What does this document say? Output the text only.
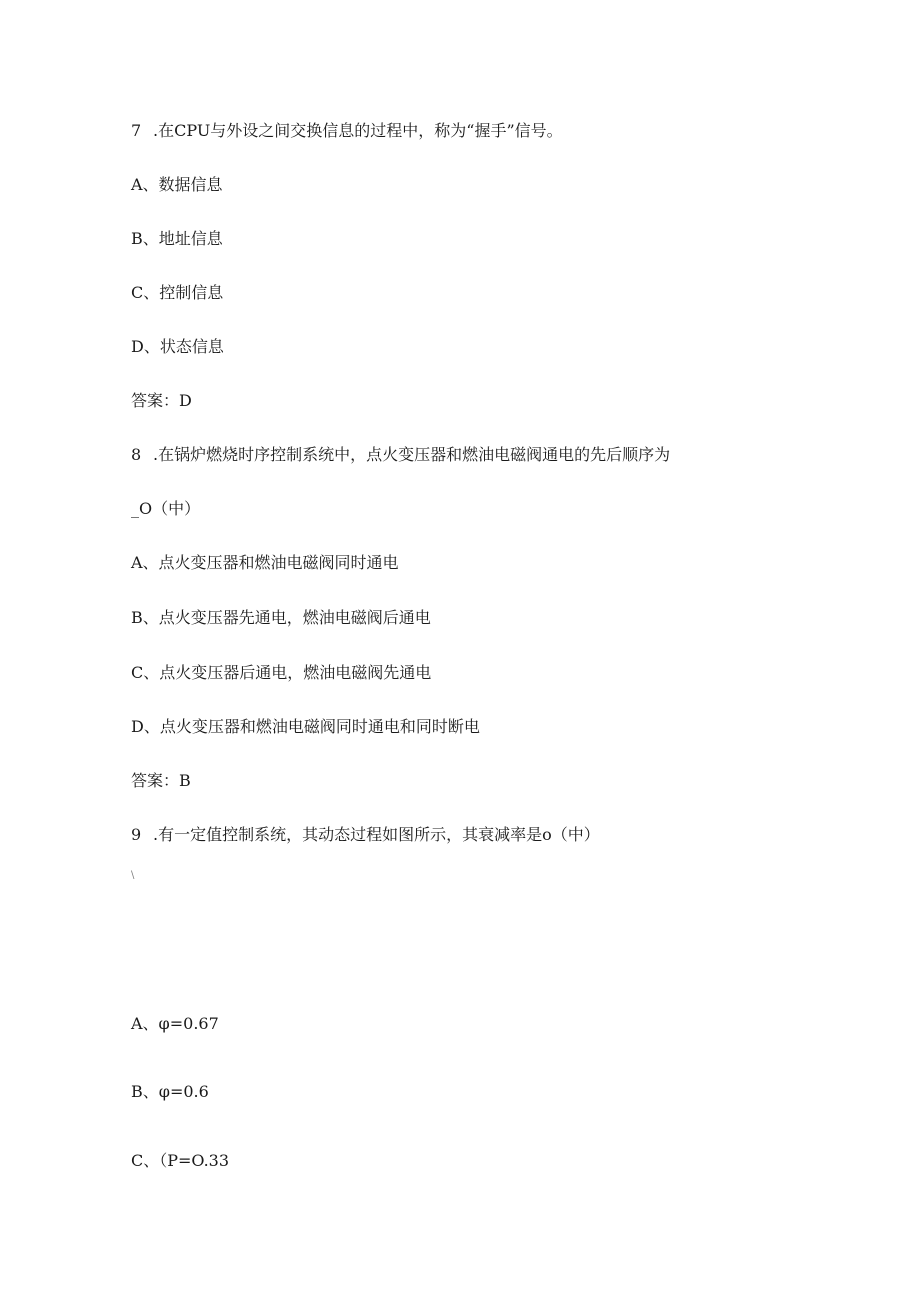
7 .在CPU与外设之间交换信息的过程中，称为“握手”信号。
A、数据信息
B、地址信息
C、控制信息
D、状态信息
答案：D
8 .在锅炉燃烧时序控制系统中，点火变压器和燃油电磁阀通电的先后顺序为
_O（中）
A、点火变压器和燃油电磁阀同时通电
B、点火变压器先通电，燃油电磁阀后通电
C、点火变压器后通电，燃油电磁阀先通电
D、点火变压器和燃油电磁阀同时通电和同时断电
答案：B
9 .有一定值控制系统，其动态过程如图所示，其衰减率是o（中）
\
A、φ=0.67
B、φ=0.6
C、（P=O.33
